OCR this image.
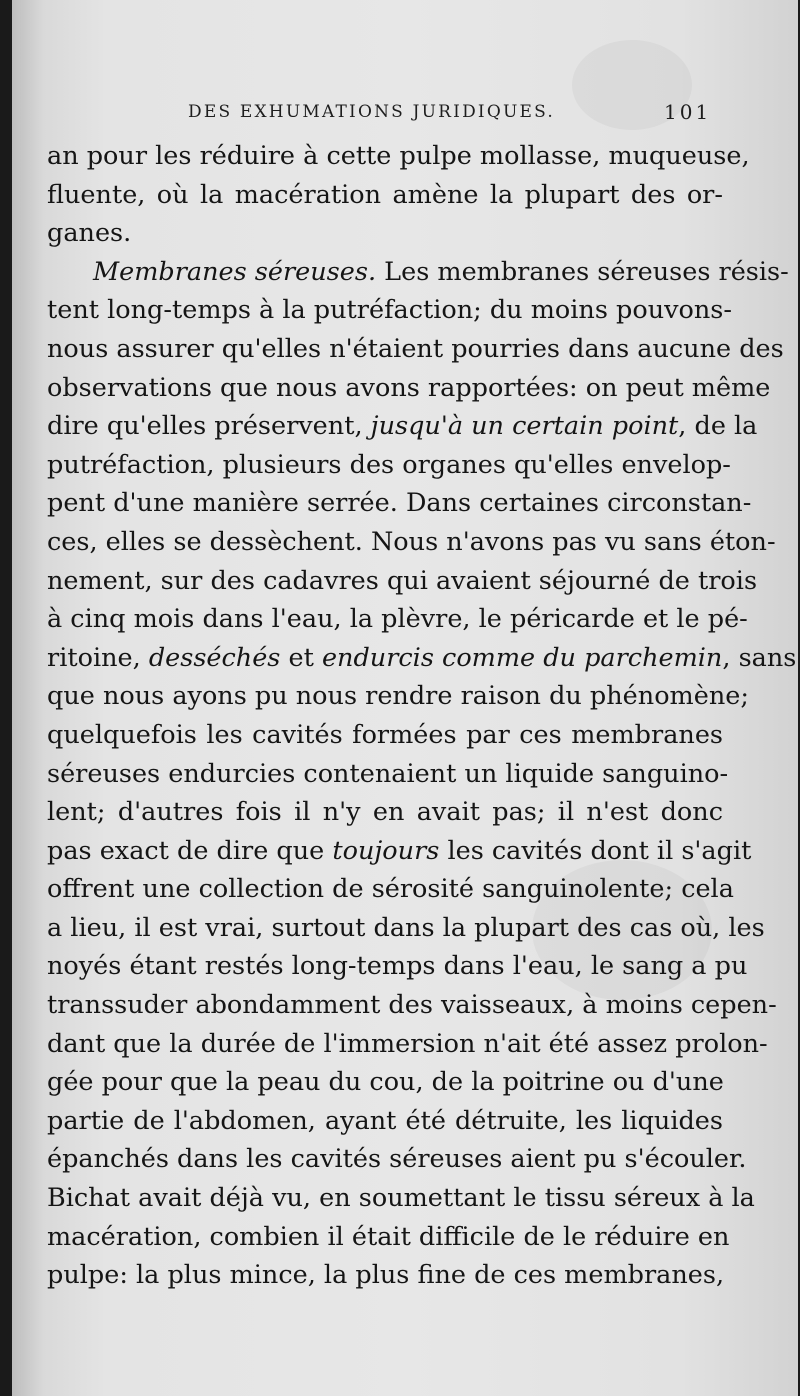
DES EXHUMATIONS JURIDIQUES.	101
an pour les réduire à cette pulpe mollasse, muqueuse,
fluente, où la macération amène la plupart des or-
ganes.
Membranes séreuses. Les membranes séreuses résis-
tent long-temps à la putréfaction; du moins pouvons-
nous assurer qu'elles n'étaient pourries dans aucune des
observations que nous avons rapportées: on peut même
dire qu'elles préservent, jusqu'à un certain point, de la
putréfaction, plusieurs des organes qu'elles envelop-
pent d'une manière serrée. Dans certaines circonstan-
ces, elles se dessèchent. Nous n'avons pas vu sans éton-
nement, sur des cadavres qui avaient séjourné de trois
à cinq mois dans l'eau, la plèvre, le péricarde et le pé-
ritoine, desséchés et endurcis comme du parchemin, sans
que nous ayons pu nous rendre raison du phénomène;
quelquefois les cavités formées par ces membranes
séreuses endurcies contenaient un liquide sanguino-
lent; d'autres fois il n'y en avait pas; il n'est donc
pas exact de dire que toujours les cavités dont il s'agit
offrent une collection de sérosité sanguinolente; cela
a lieu, il est vrai, surtout dans la plupart des cas où, les
noyés étant restés long-temps dans l'eau, le sang a pu
transsuder abondamment des vaisseaux, à moins cepen-
dant que la durée de l'immersion n'ait été assez prolon-
gée pour que la peau du cou, de la poitrine ou d'une
partie de l'abdomen, ayant été détruite, les liquides
épanchés dans les cavités séreuses aient pu s'écouler.
Bichat avait déjà vu, en soumettant le tissu séreux à la
macération, combien il était difficile de le réduire en
pulpe: la plus mince, la plus fine de ces membranes,
